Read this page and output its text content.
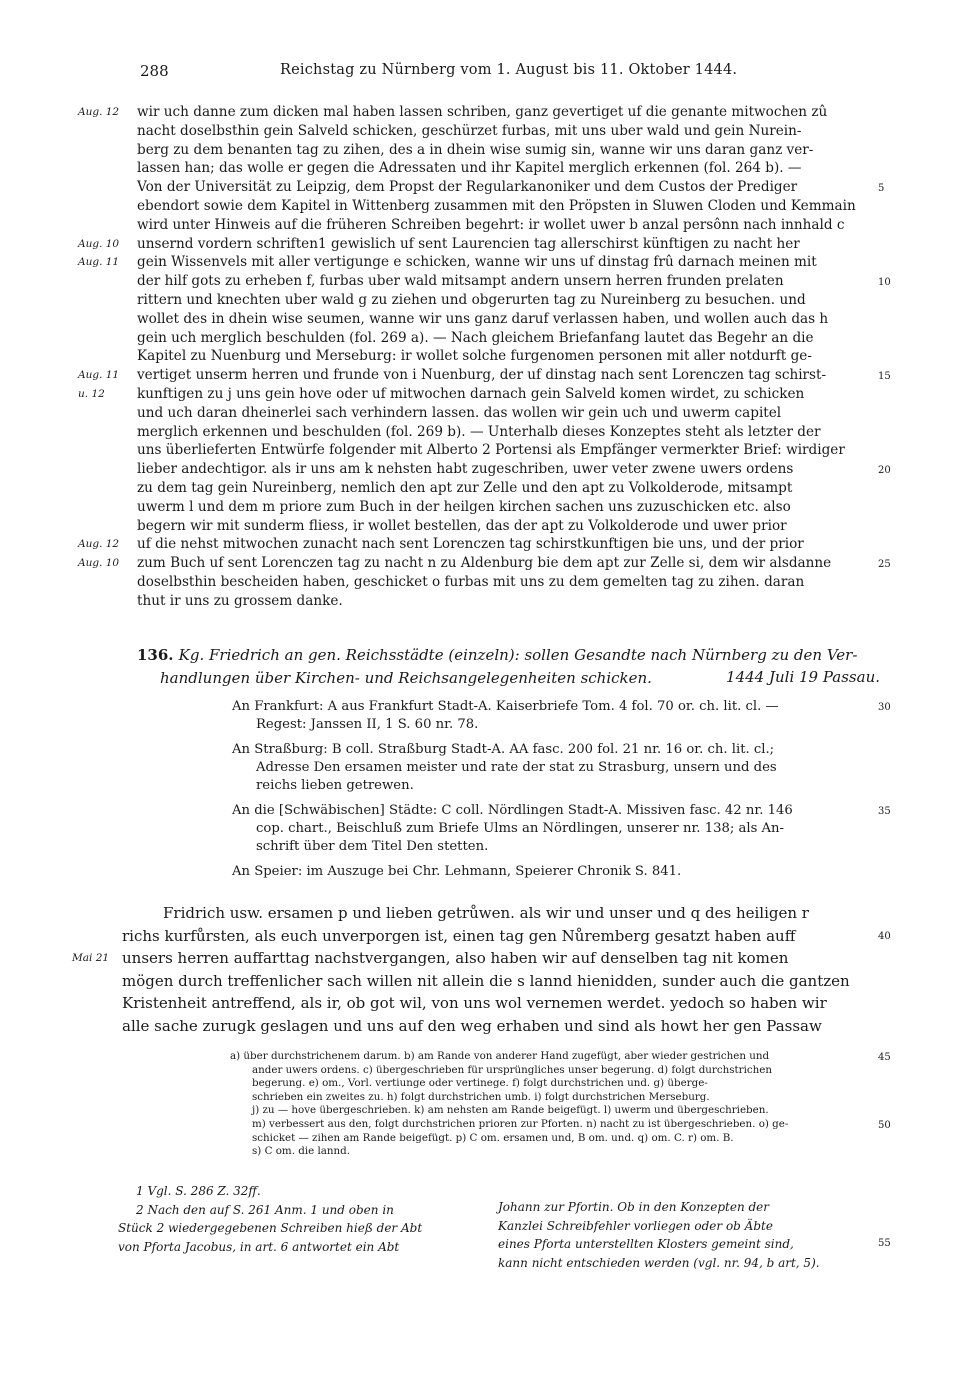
288	Reichstag zu Nürnberg vom 1. August bis 11. Oktober 1444.
wir uch danne zum dicken mal haben lassen schriben, ganz gevertiget uf die genante mitwochen zû
Aug. 12
nacht doselbsthin gein Salveld schicken, geschürzet furbas, mit uns uber wald und gein Nurein-
berg zu dem benanten tag zu zihen, des a in dhein wise sumig sin, wanne wir uns daran ganz ver-
lassen han; das wolle er gegen die Adressaten und ihr Kapitel merglich erkennen (fol. 264 b). —
Von der Universität zu Leipzig, dem Propst der Regularkanoniker und dem Custos der Prediger	5
ebendort sowie dem Kapitel in Wittenberg zusammen mit den Pröpsten in Sluwen Cloden und Kemmain
wird unter Hinweis auf die früheren Schreiben begehrt: ir wollet uwer b anzal persônn nach innhald c
unsernd vordern schriften1 gewislich uf sent Laurencien tag allerschirst künftigen zu nacht her
Aug. 10
gein Wissenvels mit aller vertigunge e schicken, wanne wir uns uf dinstag frû darnach meinen mit
Aug. 11
der hilf gots zu erheben f, furbas uber wald mitsampt andern unsern herren frunden prelaten	10
rittern und knechten uber wald g zu ziehen und obgerurten tag zu Nureinberg zu besuchen. und
wollet des in dhein wise seumen, wanne wir uns ganz daruf verlassen haben, und wollen auch das h
gein uch merglich beschulden (fol. 269 a). — Nach gleichem Briefanfang lautet das Begehr an die
Kapitel zu Nuenburg und Merseburg: ir wollet solche furgenomen personen mit aller notdurft ge-
vertiget unserm herren und frunde von i Nuenburg, der uf dinstag nach sent Lorenczen tag schirst-
Aug. 11	15
kunftigen zu j uns gein hove oder uf mitwochen darnach gein Salveld komen wirdet, zu schicken
u. 12
und uch daran dheinerlei sach verhindern lassen. das wollen wir gein uch und uwerm capitel
merglich erkennen und beschulden (fol. 269 b). — Unterhalb dieses Konzeptes steht als letzter der
uns überlieferten Entwürfe folgender mit Alberto 2 Portensi als Empfänger vermerkter Brief: wirdiger
lieber andechtigor. als ir uns am k nehsten habt zugeschriben, uwer veter zwene uwers ordens	20
zu dem tag gein Nureinberg, nemlich den apt zur Zelle und den apt zu Volkolderode, mitsampt
uwerm l und dem m priore zum Buch in der heilgen kirchen sachen uns zuzuschicken etc. also
begern wir mit sunderm fliess, ir wollet bestellen, das der apt zu Volkolderode und uwer prior
uf die nehst mitwochen zunacht nach sent Lorenczen tag schirstkunftigen bie uns, und der prior
Aug. 12
zum Buch uf sent Lorenczen tag zu nacht n zu Aldenburg bie dem apt zur Zelle si, dem wir alsdanne
Aug. 10	25
doselbsthin bescheiden haben, geschicket o furbas mit uns zu dem gemelten tag zu zihen. daran
thut ir uns zu grossem danke.
136. Kg. Friedrich an gen. Reichsstädte (einzeln): sollen Gesandte nach Nürnberg zu den Ver-
handlungen über Kirchen- und Reichsangelegenheiten schicken.	1444 Juli 19 Passau.
An Frankfurt: A aus Frankfurt Stadt-A. Kaiserbriefe Tom. 4 fol. 70 or. ch. lit. cl. —	30
Regest: Janssen II, 1 S. 60 nr. 78.
An Straßburg: B coll. Straßburg Stadt-A. AA fasc. 200 fol. 21 nr. 16 or. ch. lit. cl.;
Adresse Den ersamen meister und rate der stat zu Strasburg, unsern und des
reichs lieben getrewen.
An die [Schwäbischen] Städte: C coll. Nördlingen Stadt-A. Missiven fasc. 42 nr. 146	35
cop. chart., Beischluß zum Briefe Ulms an Nördlingen, unserer nr. 138; als An-
schrift über dem Titel Den stetten.
An Speier: im Auszuge bei Chr. Lehmann, Speierer Chronik S. 841.
Fridrich usw. ersamen p und lieben getrůwen. als wir und unser und q des heiligen r
richs kurfůrsten, als euch unverporgen ist, einen tag gen Nůremberg gesatzt haben auff	40
unsers herren auffarttag nachstvergangen, also haben wir auf denselben tag nit komen
Mai 21
mögen durch treffenlicher sach willen nit allein die s lannd hienidden, sunder auch die gantzen
Kristenheit antreffend, als ir, ob got wil, von uns wol vernemen werdet. yedoch so haben wir
alle sache zurugk geslagen und uns auf den weg erhaben und sind als howt her gen Passaw
a) über durchstrichenem darum. b) am Rande von anderer Hand zugefügt, aber wieder gestrichen und	45
ander uwers ordens. c) übergeschrieben für ursprüngliches unser begerung. d) folgt durchstrichen
begerung. e) om., Vorl. vertiunge oder vertinege. f) folgt durchstrichen und. g) überge-
schrieben ein zweites zu. h) folgt durchstrichen umb. i) folgt durchstrichen Merseburg.
j) zu — hove übergeschrieben. k) am nehsten am Rande beigefügt. l) uwerm und übergeschrieben.
m) verbessert aus den, folgt durchstrichen prioren zur Pforten. n) nacht zu ist übergeschrieben. o) ge-	50
schicket — zihen am Rande beigefügt. p) C om. ersamen und, B om. und. q) om. C. r) om. B.
s) C om. die lannd.
1 Vgl. S. 286 Z. 32ff.
2 Nach den auf S. 261 Anm. 1 und oben in
Stück 2 wiedergegebenen Schreiben hieß der Abt
von Pforta Jacobus, in art. 6 antwortet ein Abt
Johann zur Pfortin. Ob in den Konzepten der
Kanzlei Schreibfehler vorliegen oder ob Äbte
eines Pforta unterstellten Klosters gemeint sind,
kann nicht entschieden werden (vgl. nr. 94, b art, 5).
55
